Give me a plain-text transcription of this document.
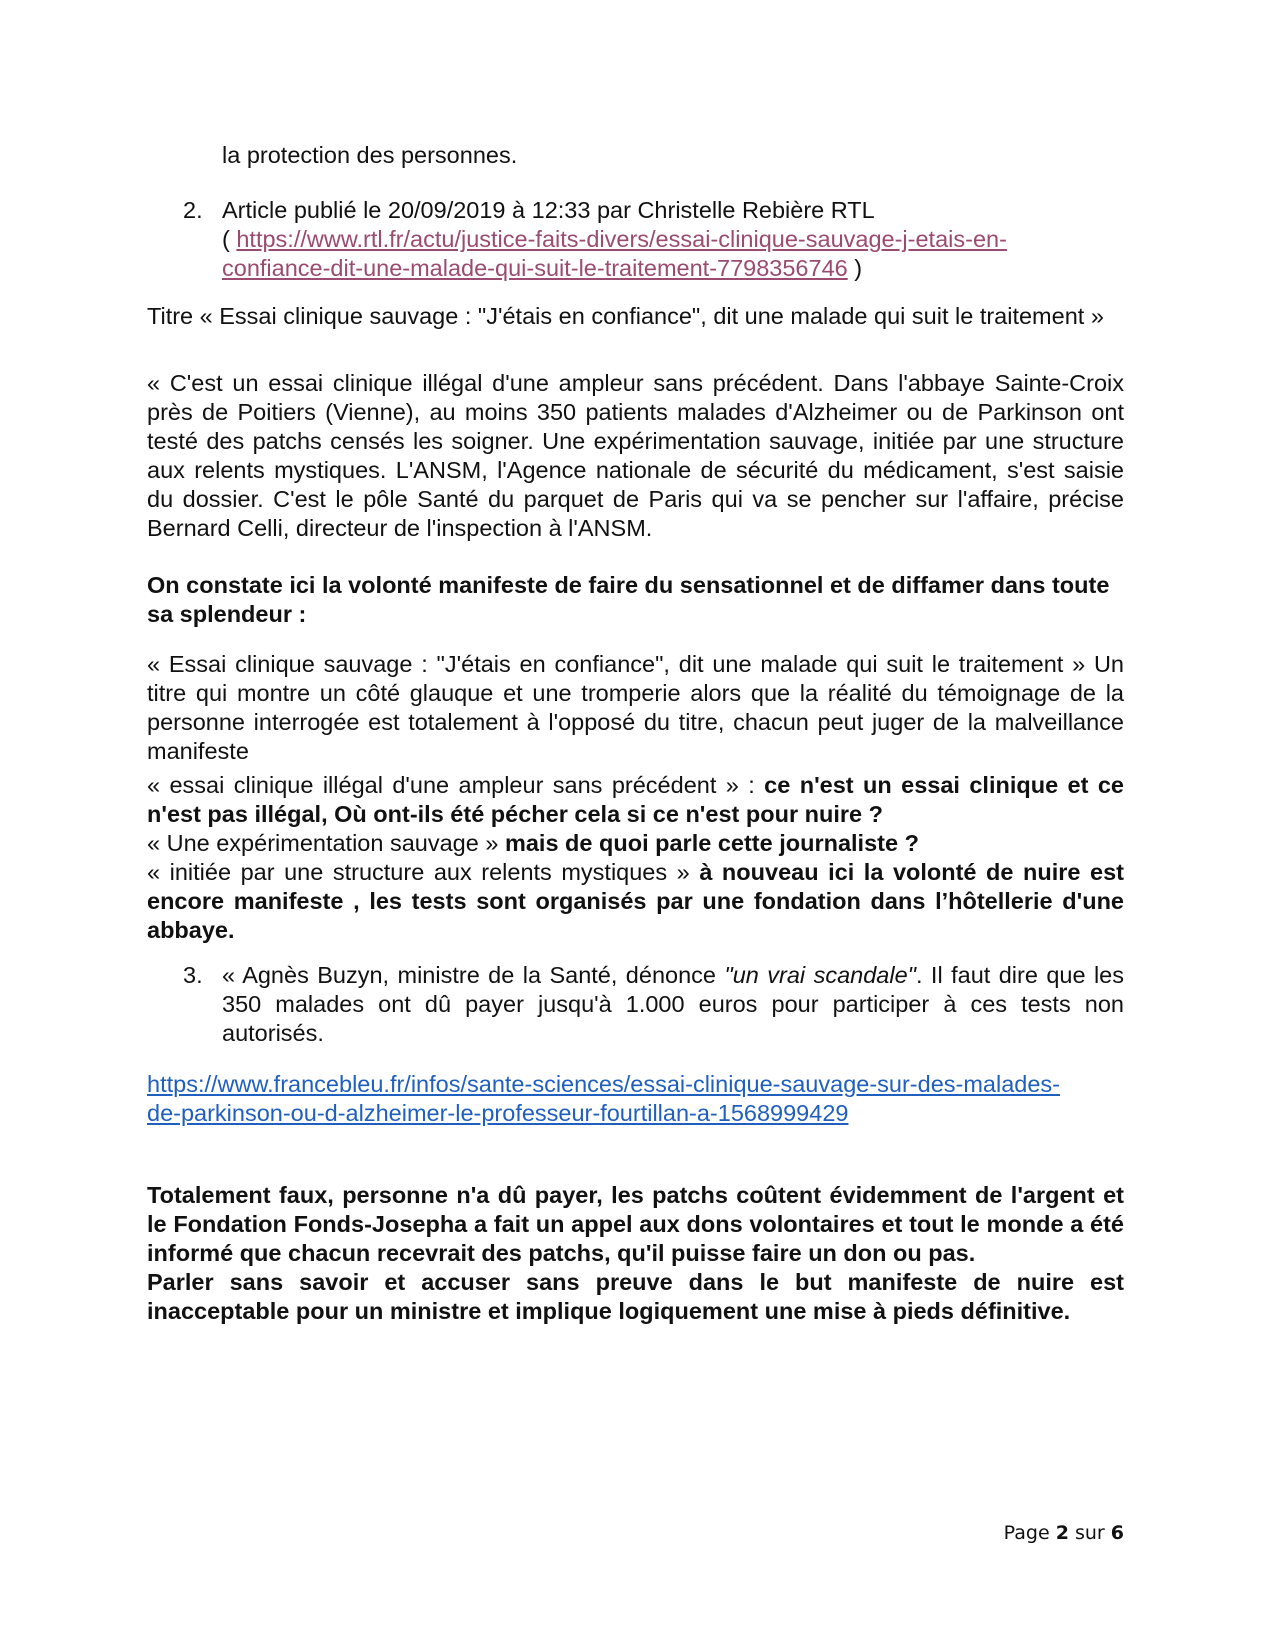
la protection des personnes.

2. Article publié le 20/09/2019 à 12:33 par Christelle Rebière RTL
( https://www.rtl.fr/actu/justice-faits-divers/essai-clinique-sauvage-j-etais-en-
confiance-dit-une-malade-qui-suit-le-traitement-7798356746 )

Titre « Essai clinique sauvage : "J'étais en confiance", dit une malade qui suit le traitement »

« C'est un essai clinique illégal d'une ampleur sans précédent. Dans l'abbaye Sainte-Croix près de Poitiers (Vienne), au moins 350 patients malades d'Alzheimer ou de Parkinson ont testé des patchs censés les soigner. Une expérimentation sauvage, initiée par une structure aux relents mystiques. L'ANSM, l'Agence nationale de sécurité du médicament, s'est saisie du dossier. C'est le pôle Santé du parquet de Paris qui va se pencher sur l'affaire, précise Bernard Celli, directeur de l'inspection à l'ANSM.

On constate ici la volonté manifeste de faire du sensationnel et de diffamer dans toute sa splendeur :

« Essai clinique sauvage : "J'étais en confiance", dit une malade qui suit le traitement » Un titre qui montre un côté glauque et une tromperie alors que la réalité du témoignage de la personne interrogée est totalement à l'opposé du titre, chacun peut juger de la malveillance manifeste

« essai clinique illégal d'une ampleur sans précédent » : ce n'est un essai clinique et ce n'est pas illégal, Où ont-ils été pécher cela si ce n'est pour nuire ?
« Une expérimentation sauvage » mais de quoi parle cette journaliste ?
« initiée par une structure aux relents mystiques » à nouveau ici la volonté de nuire est encore manifeste , les tests sont organisés par une fondation dans l’hôtellerie d'une abbaye.

3. « Agnès Buzyn, ministre de la Santé, dénonce "un vrai scandale". Il faut dire que les 350 malades ont dû payer jusqu'à 1.000 euros pour participer à ces tests non autorisés.

https://www.francebleu.fr/infos/sante-sciences/essai-clinique-sauvage-sur-des-malades-
de-parkinson-ou-d-alzheimer-le-professeur-fourtillan-a-1568999429

Totalement faux, personne n'a dû payer, les patchs coûtent évidemment de l'argent et le Fondation Fonds-Josepha a fait un appel aux dons volontaires et tout le monde a été informé que chacun recevrait des patchs, qu'il puisse faire un don ou pas.
Parler sans savoir et accuser sans preuve dans le but manifeste de nuire est inacceptable pour un ministre et implique logiquement une mise à pieds définitive.

Page 2 sur 6
